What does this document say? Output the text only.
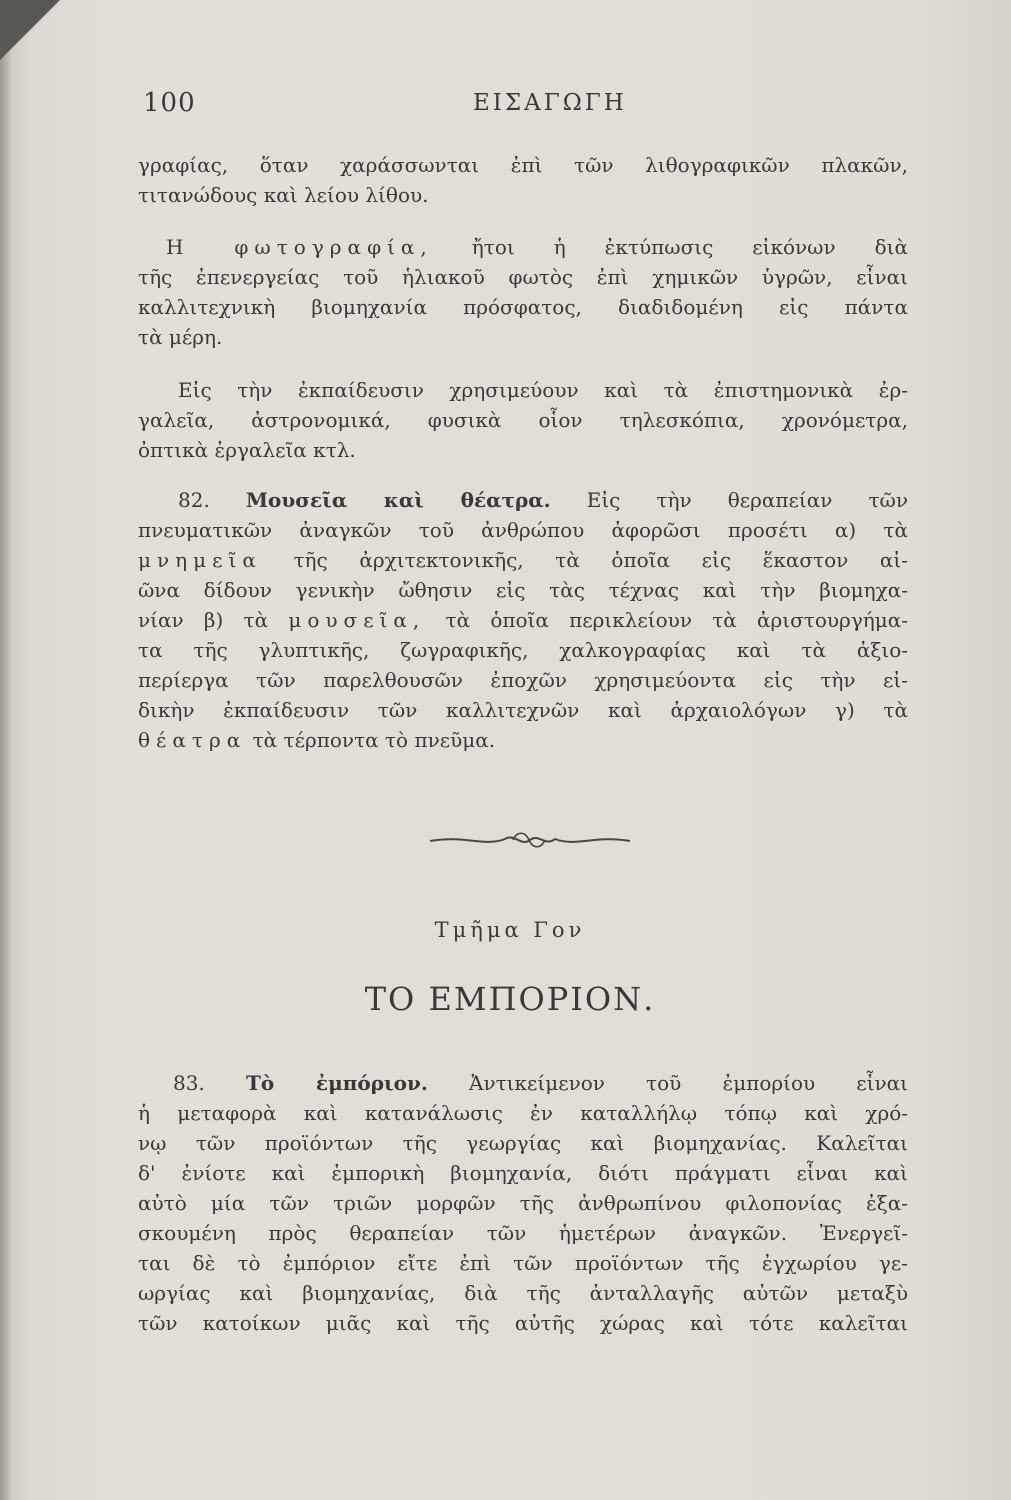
100	ΕΙΣΑΓΩΓΗ
γραφίας, ὅταν χαράσσωνται ἐπὶ τῶν λιθογραφικῶν πλακῶν,
τιτανώδους καὶ λείου λίθου.
Η φωτογραφία, ἤτοι ἡ ἐκτύπωσις εἰκόνων διὰ
τῆς ἐπενεργείας τοῦ ἡλιακοῦ φωτὸς ἐπὶ χημικῶν ὑγρῶν, εἶναι
καλλιτεχνικὴ βιομηχανία πρόσφατος, διαδιδομένη εἰς πάντα
τὰ μέρη.
Εἰς τὴν ἐκπαίδευσιν χρησιμεύουν καὶ τὰ ἐπιστημονικὰ ἐρ-
γαλεῖα, ἀστρονομικά, φυσικὰ οἷον τηλεσκόπια, χρονόμετρα,
ὀπτικὰ ἐργαλεῖα κτλ.
82. Μουσεῖα καὶ θέατρα. Εἰς τὴν θεραπείαν τῶν
πνευματικῶν ἀναγκῶν τοῦ ἀνθρώπου ἀφορῶσι προσέτι α) τὰ
μνημεῖα τῆς ἀρχιτεκτονικῆς, τὰ ὁποῖα εἰς ἕκαστον αἰ-
ῶνα δίδουν γενικὴν ὤθησιν εἰς τὰς τέχνας καὶ τὴν βιομηχα-
νίαν β) τὰ μουσεῖα, τὰ ὁποῖα περικλείουν τὰ ἀριστουργήμα-
τα τῆς γλυπτικῆς, ζωγραφικῆς, χαλκογραφίας καὶ τὰ ἀξιο-
περίεργα τῶν παρελθουσῶν ἐποχῶν χρησιμεύοντα εἰς τὴν εἰ-
δικὴν ἐκπαίδευσιν τῶν καλλιτεχνῶν καὶ ἀρχαιολόγων γ) τὰ
θέατρα τὰ τέρποντα τὸ πνεῦμα.
Τμῆμα Γον
ΤΟ ΕΜΠΟΡΙΟΝ.
83. Τὸ ἐμπόριον. Ἀντικείμενον τοῦ ἐμπορίου εἶναι
ἡ μεταφορὰ καὶ κατανάλωσις ἐν καταλλήλῳ τόπῳ καὶ χρό-
νῳ τῶν προϊόντων τῆς γεωργίας καὶ βιομηχανίας. Καλεῖται
δ' ἐνίοτε καὶ ἐμπορικὴ βιομηχανία, διότι πράγματι εἶναι καὶ
αὐτὸ μία τῶν τριῶν μορφῶν τῆς ἀνθρωπίνου φιλοπονίας ἐξα-
σκουμένη πρὸς θεραπείαν τῶν ἡμετέρων ἀναγκῶν. Ἐνεργεῖ-
ται δὲ τὸ ἐμπόριον εἴτε ἐπὶ τῶν προϊόντων τῆς ἐγχωρίου γε-
ωργίας καὶ βιομηχανίας, διὰ τῆς ἀνταλλαγῆς αὐτῶν μεταξὺ
τῶν κατοίκων μιᾶς καὶ τῆς αὐτῆς χώρας καὶ τότε καλεῖται
